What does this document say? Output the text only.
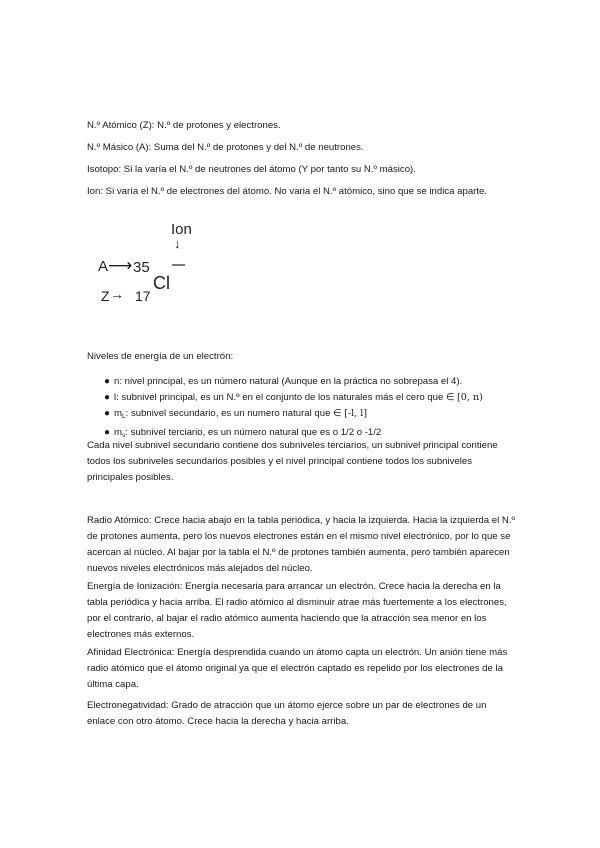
N.º Atómico (Z): N.º de protones y electrones.

N.º Másico (A): Suma del N.º de protones y del N.º de neutrones.

Isotopo: Si la varía el N.º de neutrones del átomo (Y por tanto su N.º másico).

Ion: Si varía el N.º de electrones del átomo. No varia el N.º atómico, sino que se indica aparte.

Ion
↓
A ⟶ 35
Cl
Z → 17

Niveles de energía de un electrón:

● n: nivel principal, es un número natural (Aunque en la práctica no sobrepasa el 4).
● l: subnivel principal, es un N.º en el conjunto de los naturales más el cero que ∈ [0, n)
● $m_L$: subnivel secundario, es un numero natural que ∈ [-l, l]
● $m_s$: subnivel terciario, es un número natural que es o 1/2 o -1/2

Cada nivel subnivel secundario contiene dos subniveles terciarios, un subnivel principal contiene todos los subniveles secundarios posibles y el nivel principal contiene todos los subniveles principales posibles.

Radio Atómico: Crece hacia abajo en la tabla periódica, y hacia la izquierda. Hacia la izquierda el N.º de protones aumenta, pero los nuevos electrones están en el mismo nivel electrónico, por lo que se acercan al núcleo. Al bajar por la tabla el N.º de protones también aumenta, pero también aparecen nuevos niveles electrónicos más alejados del núcleo.

Energía de Ionización: Energía necesaria para arrancar un electrón. Crece hacia la derecha en la tabla periódica y hacia arriba. El radio atómico al disminuir atrae más fuertemente a los electrones, por el contrario, al bajar el radio atómico aumenta haciendo que la atracción sea menor en los electrones más externos.

Afinidad Electrónica: Energía desprendida cuando un átomo capta un electrón. Un anión tiene más radio atómico que el átomo original ya que el electrón captado es repelido por los electrones de la última capa.

Electronegatividad: Grado de atracción que un átomo ejerce sobre un par de electrones de un enlace con otro átomo. Crece hacia la derecha y hacia arriba.
